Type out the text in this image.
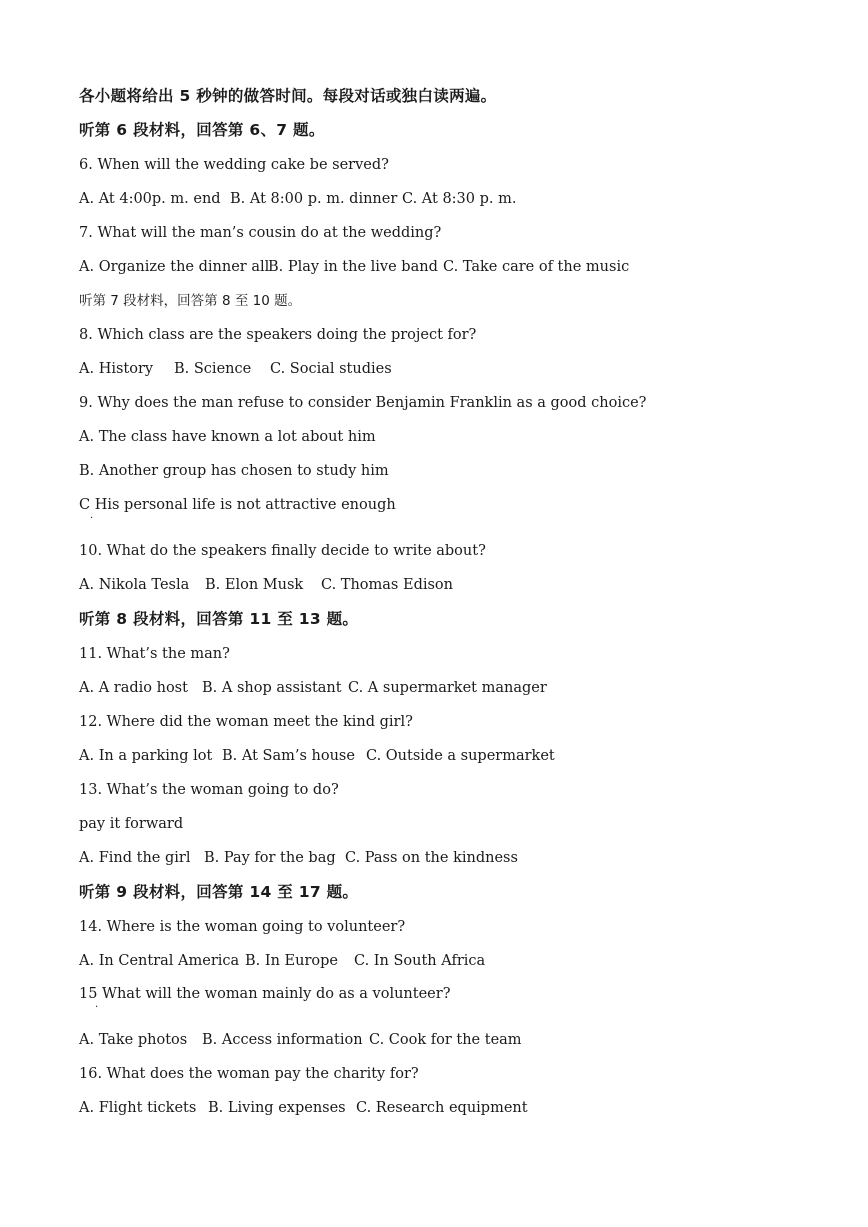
各小题将给出 5 秒钟的做答时间。每段对话或独白读两遍。
听第 6 段材料，回答第 6、7 题。
6. When will the wedding cake be served?
A. At 4:00p. m. end B. At 8:00 p. m. dinner C. At 8:30 p. m.
7. What will the man’s cousin do at the wedding?
A. Organize the dinner allB. Play in the live band C. Take care of the music
听第 7 段材料，回答第 8 至 10 题。
8. Which class are the speakers doing the project for?
A. History B. Science C. Social studies
9. Why does the man refuse to consider Benjamin Franklin as a good choice?
A. The class have known a lot about him
B. Another group has chosen to study him
C His personal life is not attractive enough
·
10. What do the speakers finally decide to write about?
A. Nikola Tesla B. Elon Musk C. Thomas Edison
听第 8 段材料，回答第 11 至 13 题。
11. What’s the man?
A. A radio host B. A shop assistant C. A supermarket manager
12. Where did the woman meet the kind girl?
A. In a parking lot B. At Sam’s house C. Outside a supermarket
13. What’s the woman going to do?
pay it forward
A. Find the girl B. Pay for the bag C. Pass on the kindness
听第 9 段材料，回答第 14 至 17 题。
14. Where is the woman going to volunteer?
A. In Central America B. In Europe C. In South Africa
15 What will the woman mainly do as a volunteer?
·
A. Take photos B. Access information C. Cook for the team
16. What does the woman pay the charity for?
A. Flight tickets B. Living expenses C. Research equipment
